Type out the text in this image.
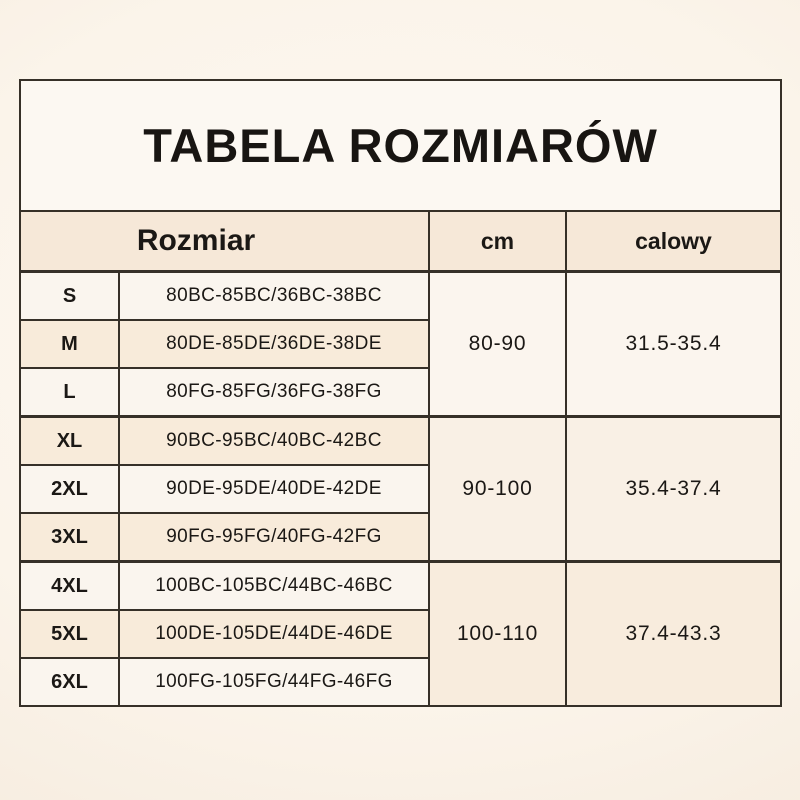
TABELA ROZMIARÓW			
Rozmiar		cm	calowy
S	80BC-85BC/36BC-38BC	80-90	31.5-35.4
M	80DE-85DE/36DE-38DE		
L	80FG-85FG/36FG-38FG		
XL	90BC-95BC/40BC-42BC	90-100	35.4-37.4
2XL	90DE-95DE/40DE-42DE		
3XL	90FG-95FG/40FG-42FG		
4XL	100BC-105BC/44BC-46BC	100-110	37.4-43.3
5XL	100DE-105DE/44DE-46DE		
6XL	100FG-105FG/44FG-46FG		
